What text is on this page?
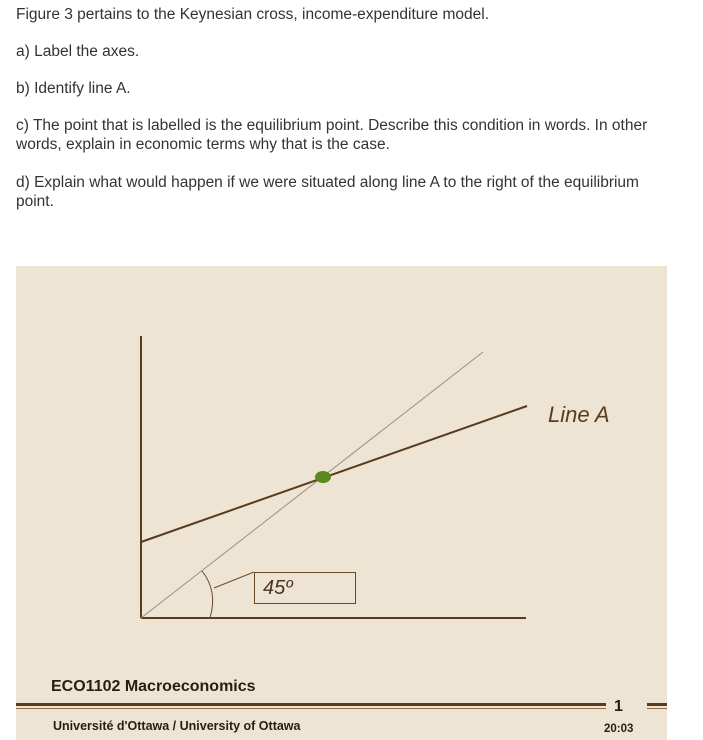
Figure 3 pertains to the Keynesian cross, income-expenditure model.

a) Label the axes.

b) Identify line A.

c) The point that is labelled is the equilibrium point. Describe this condition in words. In other words, explain in economic terms why that is the case.

d) Explain what would happen if we were situated along line A to the right of the equilibrium point.

Line A
45º
ECO1102 Macroeconomics
1
Université d'Ottawa / University of Ottawa	20:03
